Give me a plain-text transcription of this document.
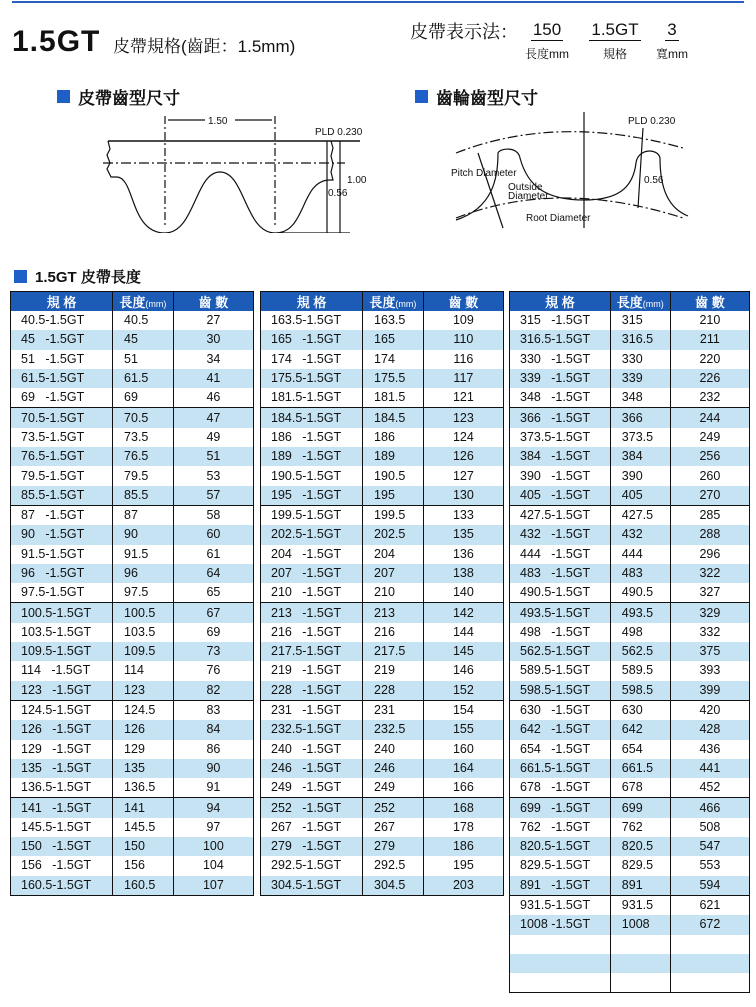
1.5GT 皮帶規格(齒距：1.5mm)
皮帶表示法： 150
長度mm
1.5GT
規格
3
寬mm
皮帶齒型尺寸	齒輪齒型尺寸
1.50
PLD 0.230
1.00
0.56
PLD 0.230
0.56
Pitch Diameter
Outside
Diameter
Root Diameter
1.5GT 皮帶長度
規 格	長度(mm)	齒 數
40.5-1.5GT	40.5	27
45   -1.5GT	45	30
51   -1.5GT	51	34
61.5-1.5GT	61.5	41
69   -1.5GT	69	46
70.5-1.5GT	70.5	47
73.5-1.5GT	73.5	49
76.5-1.5GT	76.5	51
79.5-1.5GT	79.5	53
85.5-1.5GT	85.5	57
87   -1.5GT	87	58
90   -1.5GT	90	60
91.5-1.5GT	91.5	61
96   -1.5GT	96	64
97.5-1.5GT	97.5	65
100.5-1.5GT	100.5	67
103.5-1.5GT	103.5	69
109.5-1.5GT	109.5	73
114   -1.5GT	114	76
123   -1.5GT	123	82
124.5-1.5GT	124.5	83
126   -1.5GT	126	84
129   -1.5GT	129	86
135   -1.5GT	135	90
136.5-1.5GT	136.5	91
141   -1.5GT	141	94
145.5-1.5GT	145.5	97
150   -1.5GT	150	100
156   -1.5GT	156	104
160.5-1.5GT	160.5	107
規 格	長度(mm)	齒 數
163.5-1.5GT	163.5	109
165   -1.5GT	165	110
174   -1.5GT	174	116
175.5-1.5GT	175.5	117
181.5-1.5GT	181.5	121
184.5-1.5GT	184.5	123
186   -1.5GT	186	124
189   -1.5GT	189	126
190.5-1.5GT	190.5	127
195   -1.5GT	195	130
199.5-1.5GT	199.5	133
202.5-1.5GT	202.5	135
204   -1.5GT	204	136
207   -1.5GT	207	138
210   -1.5GT	210	140
213   -1.5GT	213	142
216   -1.5GT	216	144
217.5-1.5GT	217.5	145
219   -1.5GT	219	146
228   -1.5GT	228	152
231   -1.5GT	231	154
232.5-1.5GT	232.5	155
240   -1.5GT	240	160
246   -1.5GT	246	164
249   -1.5GT	249	166
252   -1.5GT	252	168
267   -1.5GT	267	178
279   -1.5GT	279	186
292.5-1.5GT	292.5	195
304.5-1.5GT	304.5	203
規 格	長度(mm)	齒 數
315   -1.5GT	315	210
316.5-1.5GT	316.5	211
330   -1.5GT	330	220
339   -1.5GT	339	226
348   -1.5GT	348	232
366   -1.5GT	366	244
373.5-1.5GT	373.5	249
384   -1.5GT	384	256
390   -1.5GT	390	260
405   -1.5GT	405	270
427.5-1.5GT	427.5	285
432   -1.5GT	432	288
444   -1.5GT	444	296
483   -1.5GT	483	322
490.5-1.5GT	490.5	327
493.5-1.5GT	493.5	329
498   -1.5GT	498	332
562.5-1.5GT	562.5	375
589.5-1.5GT	589.5	393
598.5-1.5GT	598.5	399
630   -1.5GT	630	420
642   -1.5GT	642	428
654   -1.5GT	654	436
661.5-1.5GT	661.5	441
678   -1.5GT	678	452
699   -1.5GT	699	466
762   -1.5GT	762	508
820.5-1.5GT	820.5	547
829.5-1.5GT	829.5	553
891   -1.5GT	891	594
931.5-1.5GT	931.5	621
1008 -1.5GT	1008	672
